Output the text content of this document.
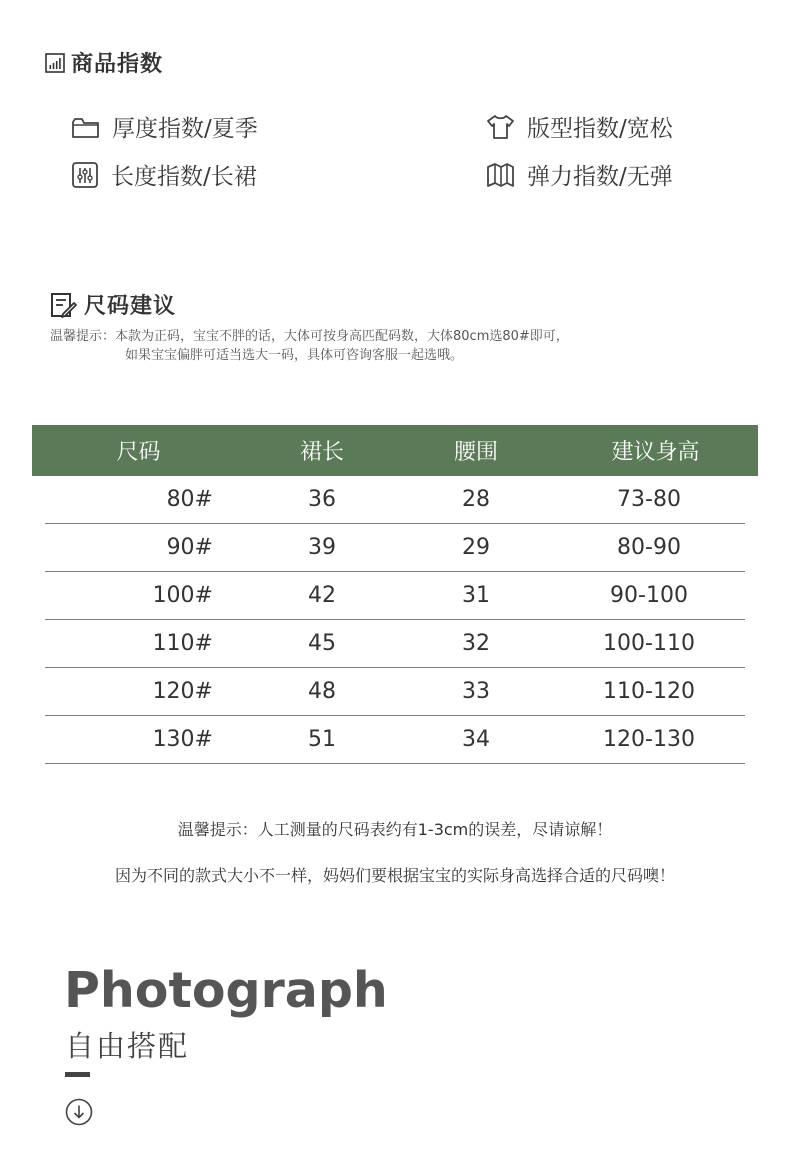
商品指数
厚度指数/夏季	版型指数/宽松
长度指数/长裙	弹力指数/无弹
尺码建议
温馨提示：本款为正码，宝宝不胖的话，大体可按身高匹配码数，大体80cm选80#即可，
如果宝宝偏胖可适当选大一码，具体可咨询客服一起选哦。
尺码	裙长	腰围	建议身高
80#	36	28	73-80
90#	39	29	80-90
100#	42	31	90-100
110#	45	32	100-110
120#	48	33	110-120
130#	51	34	120-130
温馨提示：人工测量的尺码表约有1-3cm的误差，尽请谅解！
因为不同的款式大小不一样，妈妈们要根据宝宝的实际身高选择合适的尺码噢！
Photograph
自由搭配
